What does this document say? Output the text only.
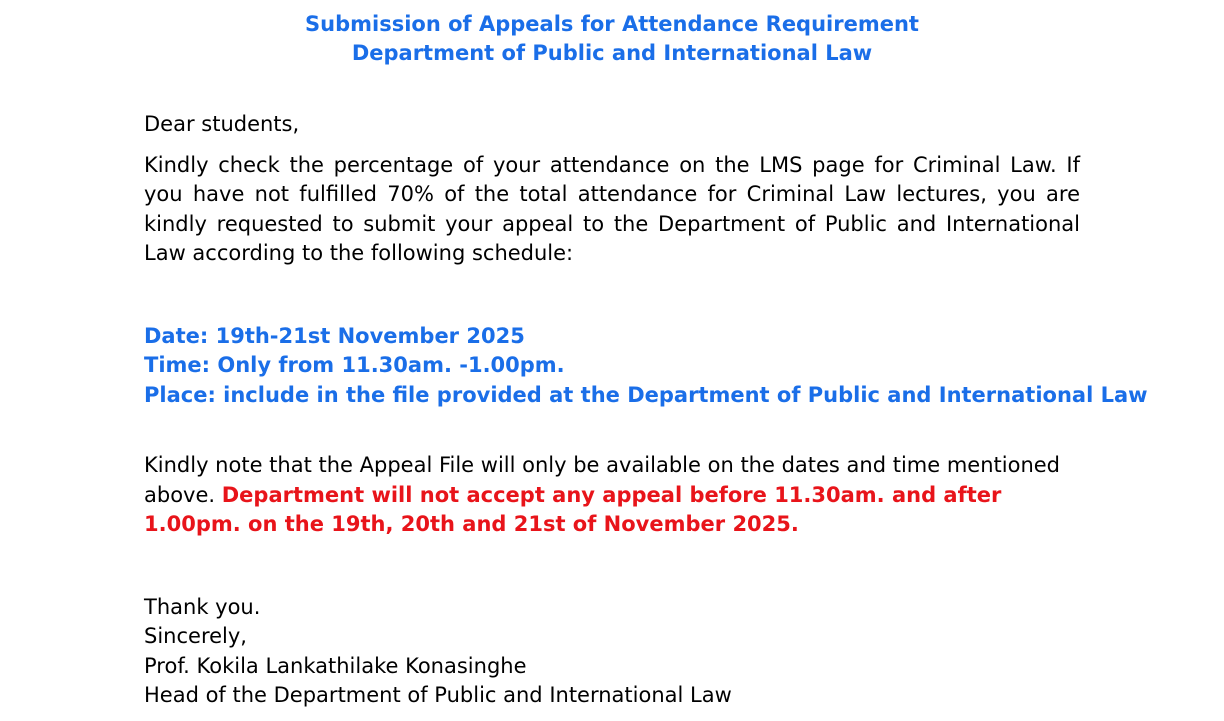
Submission of Appeals for Attendance Requirement
Department of Public and International Law

Dear students,

Kindly check the percentage of your attendance on the LMS page for Criminal Law. If you have not fulfilled 70% of the total attendance for Criminal Law lectures, you are kindly requested to submit your appeal to the Department of Public and International Law according to the following schedule:

Date: 19th-21st November 2025
Time: Only from 11.30am. -1.00pm.
Place: include in the file provided at the Department of Public and International Law

Kindly note that the Appeal File will only be available on the dates and time mentioned above. Department will not accept any appeal before 11.30am. and after 1.00pm. on the 19th, 20th and 21st of November 2025.

Thank you.
Sincerely,
Prof. Kokila Lankathilake Konasinghe
Head of the Department of Public and International Law
